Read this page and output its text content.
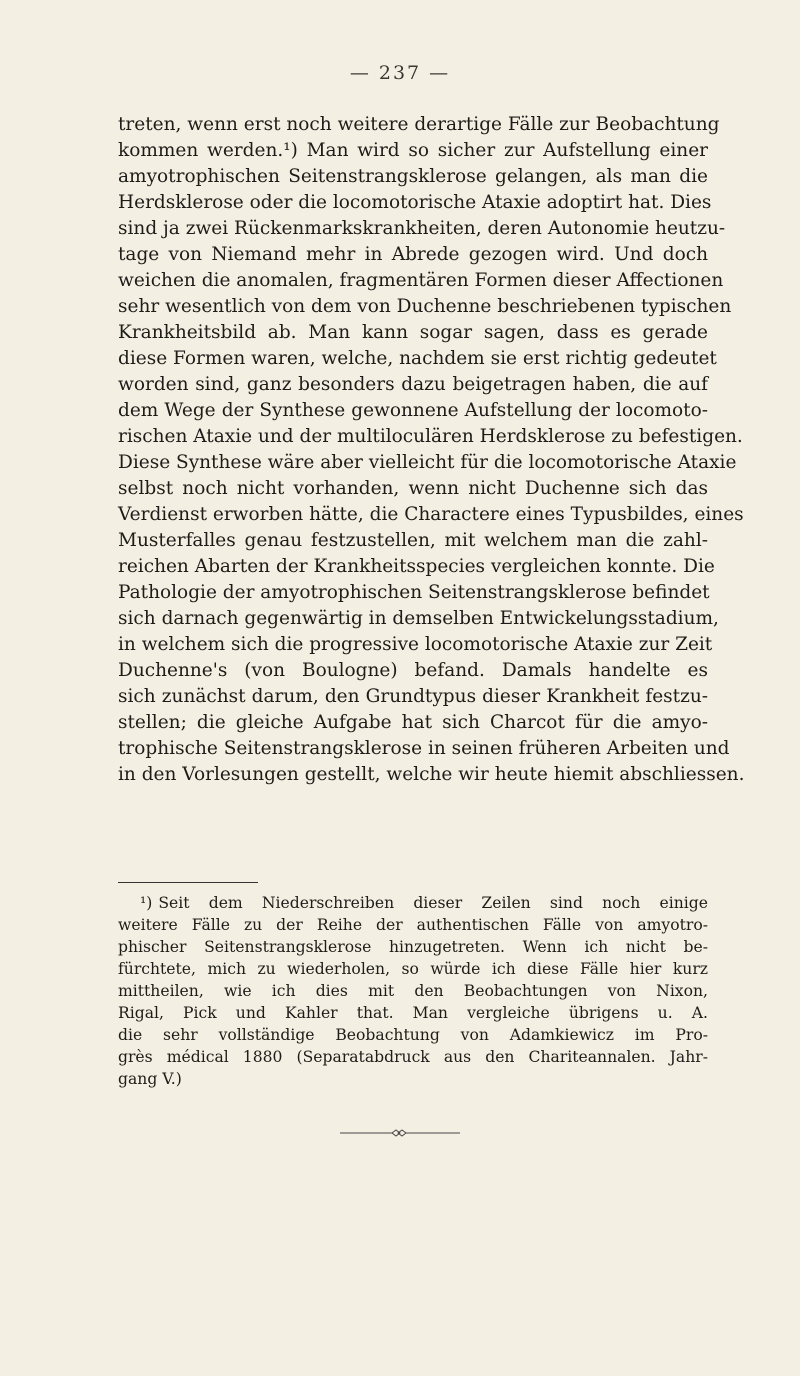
— 237 —
treten, wenn erst noch weitere derartige Fälle zur Beobachtung
kommen werden.¹) Man wird so sicher zur Aufstellung einer
amyotrophischen Seitenstrangsklerose gelangen, als man die
Herdsklerose oder die locomotorische Ataxie adoptirt hat. Dies
sind ja zwei Rückenmarkskrankheiten, deren Autonomie heutzu-
tage von Niemand mehr in Abrede gezogen wird. Und doch
weichen die anomalen, fragmentären Formen dieser Affectionen
sehr wesentlich von dem von Duchenne beschriebenen typischen
Krankheitsbild ab. Man kann sogar sagen, dass es gerade
diese Formen waren, welche, nachdem sie erst richtig gedeutet
worden sind, ganz besonders dazu beigetragen haben, die auf
dem Wege der Synthese gewonnene Aufstellung der locomoto-
rischen Ataxie und der multiloculären Herdsklerose zu befestigen.
Diese Synthese wäre aber vielleicht für die locomotorische Ataxie
selbst noch nicht vorhanden, wenn nicht Duchenne sich das
Verdienst erworben hätte, die Charactere eines Typusbildes, eines
Musterfalles genau festzustellen, mit welchem man die zahl-
reichen Abarten der Krankheitsspecies vergleichen konnte. Die
Pathologie der amyotrophischen Seitenstrangsklerose befindet
sich darnach gegenwärtig in demselben Entwickelungsstadium,
in welchem sich die progressive locomotorische Ataxie zur Zeit
Duchenne's (von Boulogne) befand. Damals handelte es
sich zunächst darum, den Grundtypus dieser Krankheit festzu-
stellen; die gleiche Aufgabe hat sich Charcot für die amyo-
trophische Seitenstrangsklerose in seinen früheren Arbeiten und
in den Vorlesungen gestellt, welche wir heute hiemit abschliessen.
¹) Seit dem Niederschreiben dieser Zeilen sind noch einige
weitere Fälle zu der Reihe der authentischen Fälle von amyotro-
phischer Seitenstrangsklerose hinzugetreten. Wenn ich nicht be-
fürchtete, mich zu wiederholen, so würde ich diese Fälle hier kurz
mittheilen, wie ich dies mit den Beobachtungen von Nixon,
Rigal, Pick und Kahler that. Man vergleiche übrigens u. A.
die sehr vollständige Beobachtung von Adamkiewicz im Pro-
grès médical 1880 (Separatabdruck aus den Chariteannalen. Jahr-
gang V.)
